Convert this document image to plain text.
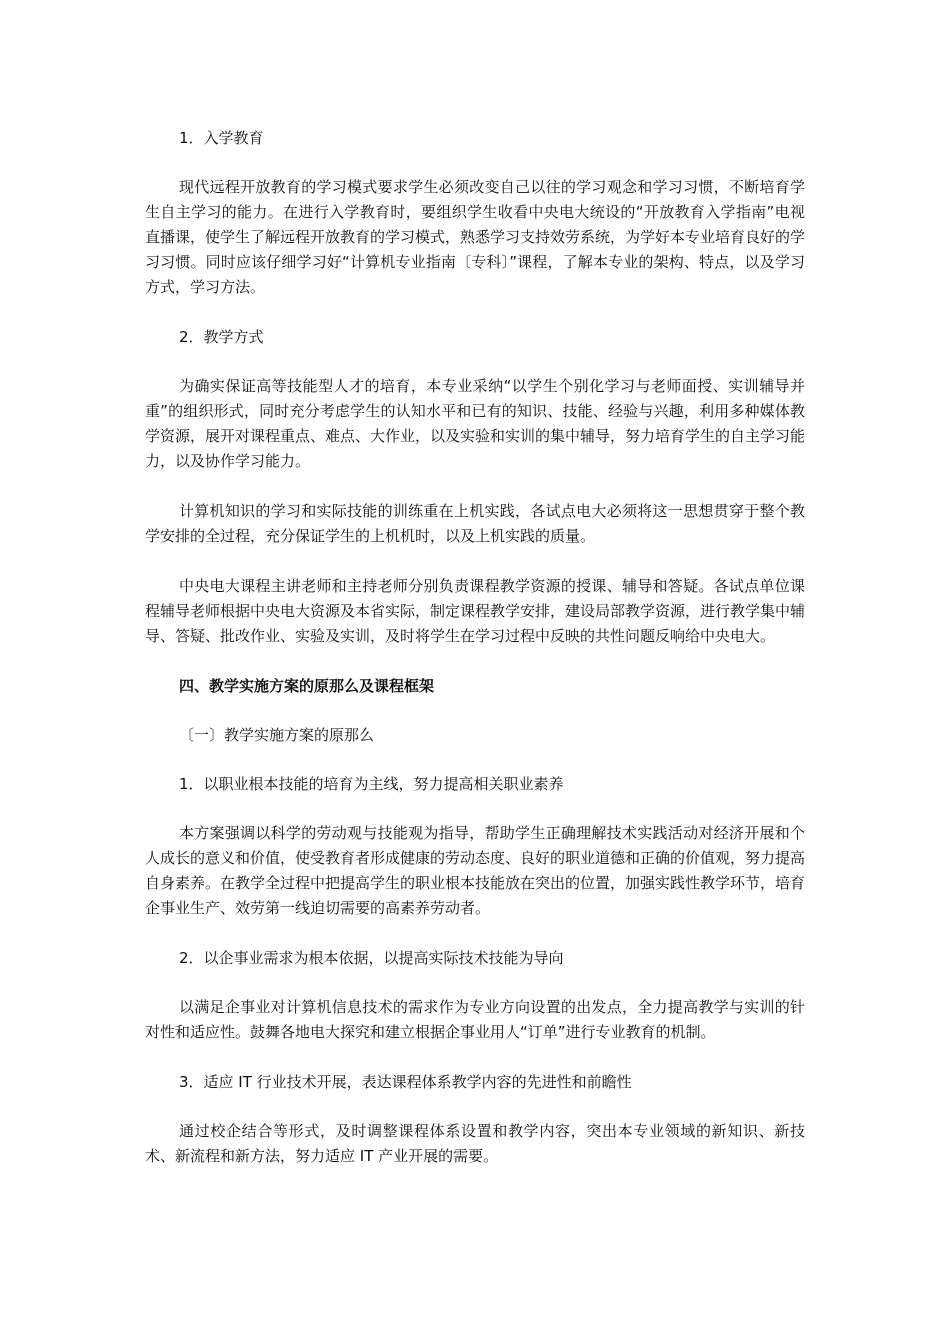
1．入学教育

现代远程开放教育的学习模式要求学生必须改变自己以往的学习观念和学习习惯，不断培育学生自主学习的能力。在进行入学教育时，要组织学生收看中央电大统设的“开放教育入学指南”电视直播课，使学生了解远程开放教育的学习模式，熟悉学习支持效劳系统，为学好本专业培育良好的学习习惯。同时应该仔细学习好“计算机专业指南〔专科〕”课程，了解本专业的架构、特点，以及学习方式，学习方法。

2．教学方式

为确实保证高等技能型人才的培育，本专业采纳“以学生个别化学习与老师面授、实训辅导并重”的组织形式，同时充分考虑学生的认知水平和已有的知识、技能、经验与兴趣，利用多种媒体教学资源，展开对课程重点、难点、大作业，以及实验和实训的集中辅导，努力培育学生的自主学习能力，以及协作学习能力。

计算机知识的学习和实际技能的训练重在上机实践，各试点电大必须将这一思想贯穿于整个教学安排的全过程，充分保证学生的上机机时，以及上机实践的质量。

中央电大课程主讲老师和主持老师分别负责课程教学资源的授课、辅导和答疑。各试点单位课程辅导老师根据中央电大资源及本省实际，制定课程教学安排，建设局部教学资源，进行教学集中辅导、答疑、批改作业、实验及实训，及时将学生在学习过程中反映的共性问题反响给中央电大。

四、教学实施方案的原那么及课程框架

〔一〕教学实施方案的原那么

1．以职业根本技能的培育为主线，努力提高相关职业素养

本方案强调以科学的劳动观与技能观为指导，帮助学生正确理解技术实践活动对经济开展和个人成长的意义和价值，使受教育者形成健康的劳动态度、良好的职业道德和正确的价值观，努力提高自身素养。在教学全过程中把提高学生的职业根本技能放在突出的位置，加强实践性教学环节，培育企事业生产、效劳第一线迫切需要的高素养劳动者。

2．以企事业需求为根本依据，以提高实际技术技能为导向

以满足企事业对计算机信息技术的需求作为专业方向设置的出发点，全力提高教学与实训的针对性和适应性。鼓舞各地电大探究和建立根据企事业用人“订单”进行专业教育的机制。

3．适应 IT 行业技术开展，表达课程体系教学内容的先进性和前瞻性

通过校企结合等形式，及时调整课程体系设置和教学内容，突出本专业领域的新知识、新技术、新流程和新方法，努力适应 IT 产业开展的需要。
